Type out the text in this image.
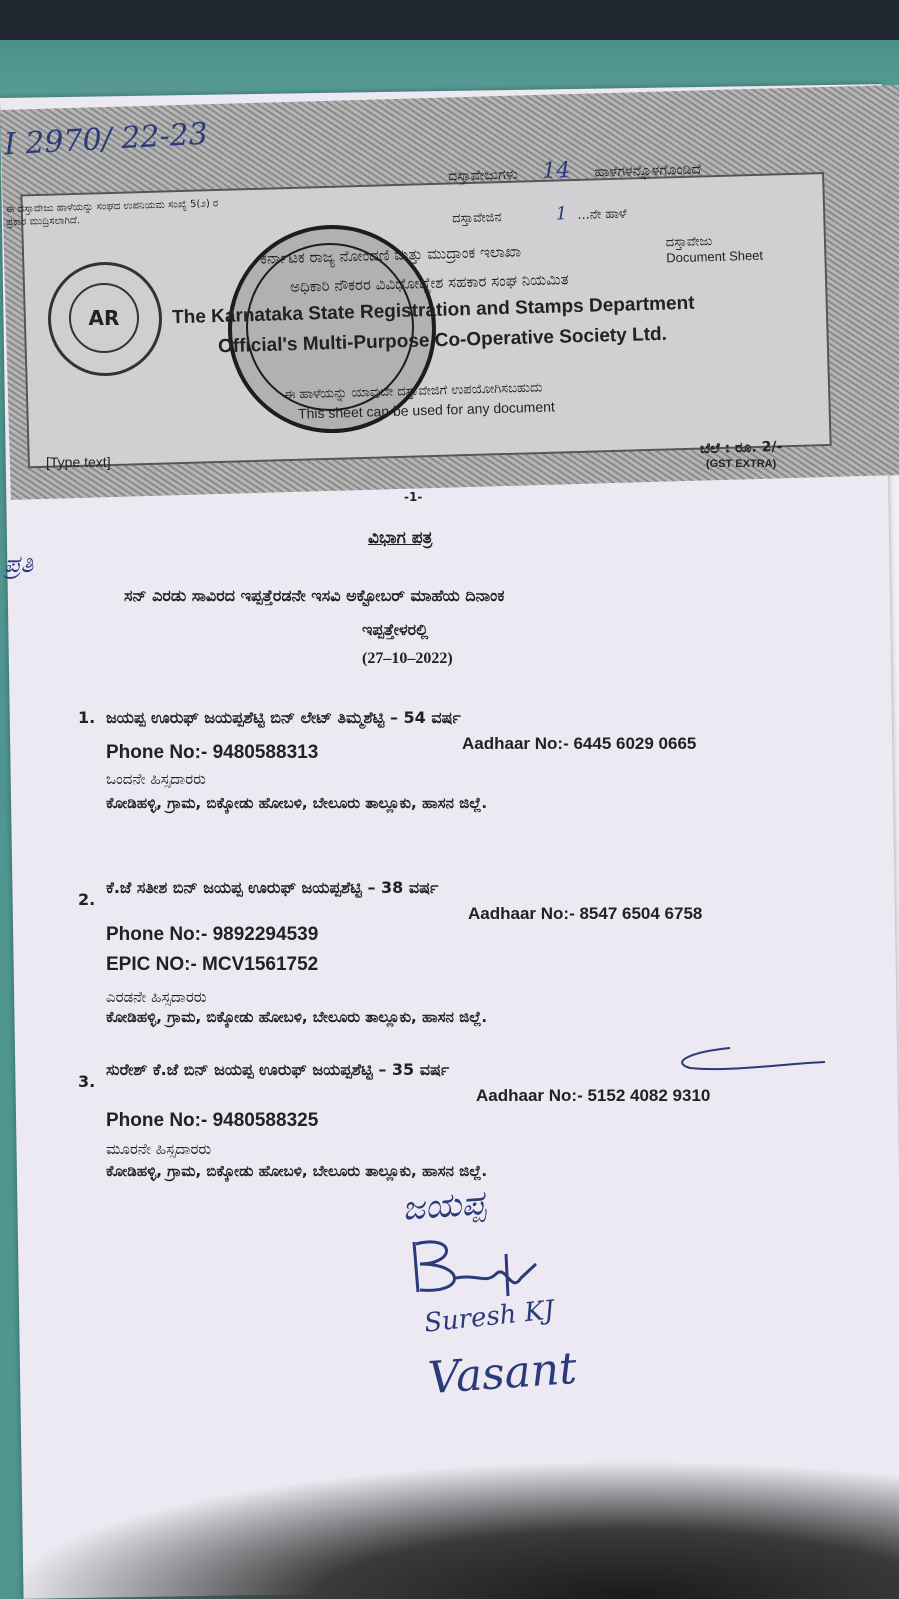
I 2970/ 22-23
ದಸ್ತಾವೇಜುಗಳು 14 ಹಾಳೆಗಳನ್ನೊಳಗೊಂಡಿದೆ
ದಸ್ತಾವೇಜಿನ	1 ...ನೇ ಹಾಳೆ
ಈ ದಸ್ತಾವೇಜು ಹಾಳೆಯನ್ನು ಸಂಘದ ಉಪನಿಯಮ ಸಂಖ್ಯೆ 5(೨) ರ ಪ್ರಕಾರ ಮುದ್ರಿಸಲಾಗಿದೆ.
AR
ಕರ್ನಾಟಕ ರಾಜ್ಯ ನೋಂದಣಿ ಮತ್ತು ಮುದ್ರಾಂಕ ಇಲಾಖಾ
ಅಧಿಕಾರಿ ನೌಕರರ ವಿವಿಧೋದ್ದೇಶ ಸಹಕಾರ ಸಂಘ ನಿಯಮಿತ
The Karnataka State Registration and Stamps Department
Official's Multi-Purpose Co-Operative Society Ltd.
ದಸ್ತಾವೇಜು
Document Sheet
ಈ ಹಾಳೆಯನ್ನು ಯಾವುದೇ ದಸ್ತಾವೇಜಿಗೆ ಉಪಯೋಗಿಸಬಹುದು
This sheet can be used for any document
[Type text]
ಬೆಲೆ : ರೂ. 2/-
(GST EXTRA)
-1-
ಪ್ರತಿ
ವಿಭಾಗ ಪತ್ರ
ಸನ್ ಎರಡು ಸಾವಿರದ ಇಪ್ಪತ್ತೆರಡನೇ ಇಸವಿ ಅಕ್ಟೋಬರ್ ಮಾಹೆಯ ದಿನಾಂಕ
ಇಪ್ಪತ್ತೇಳರಲ್ಲಿ
(27–10–2022)
1. ಜಯಪ್ಪ ಊರುಫ್ ಜಯಪ್ಪಶೆಟ್ಟಿ ಬಿನ್ ಲೇಟ್ ತಿಮ್ಮಶೆಟ್ಟಿ – 54 ವರ್ಷ
Phone No:- 9480588313	Aadhaar No:- 6445 6029 0665
ಒಂದನೇ ಹಿಸ್ಸದಾರರು
ಕೋಡಿಹಳ್ಳಿ, ಗ್ರಾಮ, ಬಿಕ್ಕೋಡು ಹೋಬಳಿ, ಬೇಲೂರು ತಾಲ್ಲೂಕು, ಹಾಸನ ಜಿಲ್ಲೆ.
2.
ಕೆ.ಜೆ ಸತೀಶ ಬಿನ್ ಜಯಪ್ಪ ಊರುಫ್ ಜಯಪ್ಪಶೆಟ್ಟಿ – 38 ವರ್ಷ
Phone No:- 9892294539
Aadhaar No:- 8547 6504 6758
EPIC NO:- MCV1561752
ಎರಡನೇ ಹಿಸ್ಸದಾರರು
ಕೋಡಿಹಳ್ಳಿ, ಗ್ರಾಮ, ಬಿಕ್ಕೋಡು ಹೋಬಳಿ, ಬೇಲೂರು ತಾಲ್ಲೂಕು, ಹಾಸನ ಜಿಲ್ಲೆ.
3.
ಸುರೇಶ್ ಕೆ.ಜೆ ಬಿನ್ ಜಯಪ್ಪ ಊರುಫ್ ಜಯಪ್ಪಶೆಟ್ಟಿ – 35 ವರ್ಷ
Phone No:- 9480588325
Aadhaar No:- 5152 4082 9310
ಮೂರನೇ ಹಿಸ್ಸದಾರರು
ಕೋಡಿಹಳ್ಳಿ, ಗ್ರಾಮ, ಬಿಕ್ಕೋಡು ಹೋಬಳಿ, ಬೇಲೂರು ತಾಲ್ಲೂಕು, ಹಾಸನ ಜಿಲ್ಲೆ.
ಜಯಪ್ಪ
Suresh KJ
Vasant
